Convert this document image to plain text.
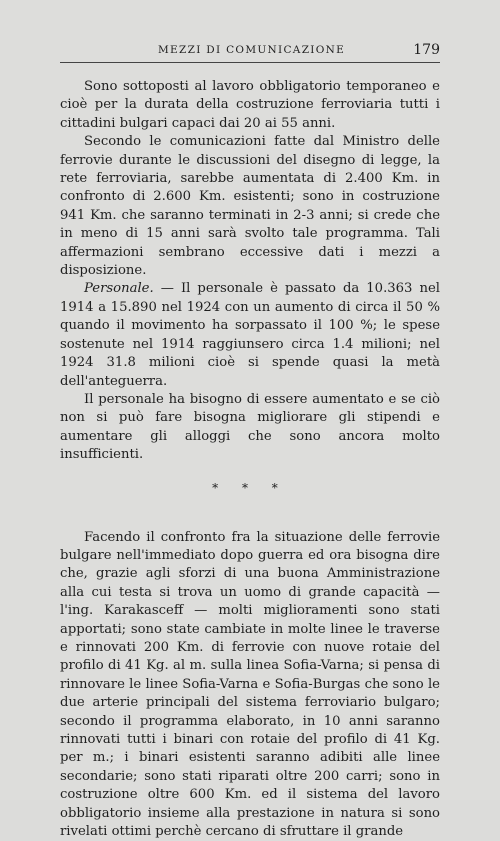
MEZZI DI COMUNICAZIONE	179

Sono sottoposti al lavoro obbligatorio temporaneo e cioè per la durata della costruzione ferroviaria tutti i cittadini bulgari capaci dai 20 ai 55 anni.

Secondo le comunicazioni fatte dal Ministro delle ferrovie durante le discussioni del disegno di legge, la rete ferroviaria, sarebbe aumentata di 2.400 Km. in confronto di 2.600 Km. esistenti; sono in costruzione 941 Km. che saranno terminati in 2-3 anni; si crede che in meno di 15 anni sarà svolto tale programma. Tali affermazioni sembrano eccessive dati i mezzi a disposizione.

Personale. — Il personale è passato da 10.363 nel 1914 a 15.890 nel 1924 con un aumento di circa il 50 % quando il movimento ha sorpassato il 100 %; le spese sostenute nel 1914 raggiunsero circa 1.4 milioni; nel 1924 31.8 milioni cioè si spende quasi la metà dell'anteguerra.

Il personale ha bisogno di essere aumentato e se ciò non si può fare bisogna migliorare gli stipendi e aumentare gli alloggi che sono ancora molto insufficienti.

* * *

Facendo il confronto fra la situazione delle ferrovie bulgare nell'immediato dopo guerra ed ora bisogna dire che, grazie agli sforzi di una buona Amministrazione alla cui testa si trova un uomo di grande capacità — l'ing. Karakasceff — molti miglioramenti sono stati apportati; sono state cambiate in molte linee le traverse e rinnovati 200 Km. di ferrovie con nuove rotaie del profilo di 41 Kg. al m. sulla linea Sofia-Varna; si pensa di rinnovare le linee Sofia-Varna e Sofia-Burgas che sono le due arterie principali del sistema ferroviario bulgaro; secondo il programma elaborato, in 10 anni saranno rinnovati tutti i binari con rotaie del profilo di 41 Kg. per m.; i binari esistenti saranno adibiti alle linee secondarie; sono stati riparati oltre 200 carri; sono in costruzione oltre 600 Km. ed il sistema del lavoro obbligatorio insieme alla prestazione in natura si sono rivelati ottimi perchè cercano di sfruttare il grande
